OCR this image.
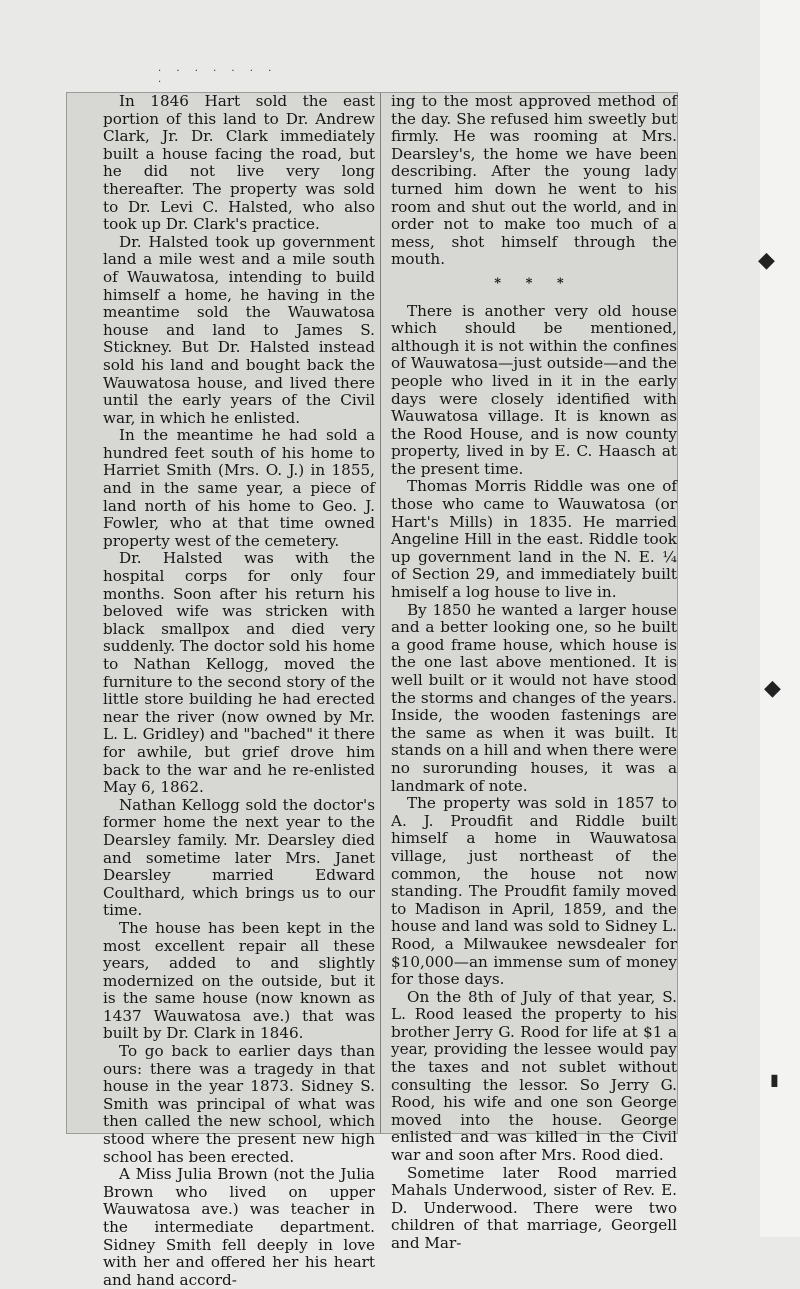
· · · · · · · ·

In 1846 Hart sold the east portion of this land to Dr. Andrew Clark, Jr. Dr. Clark immediately built a house facing the road, but he did not live very long thereafter. The property was sold to Dr. Levi C. Halsted, who also took up Dr. Clark's practice.

Dr. Halsted took up government land a mile west and a mile south of Wauwatosa, intending to build himself a home, he having in the meantime sold the Wauwatosa house and land to James S. Stickney. But Dr. Halsted instead sold his land and bought back the Wauwatosa house, and lived there until the early years of the Civil war, in which he enlisted.

In the meantime he had sold a hundred feet south of his home to Harriet Smith (Mrs. O. J.) in 1855, and in the same year, a piece of land north of his home to Geo. J. Fowler, who at that time owned property west of the cemetery.

Dr. Halsted was with the hospital corps for only four months. Soon after his return his beloved wife was stricken with black smallpox and died very suddenly. The doctor sold his home to Nathan Kellogg, moved the furniture to the second story of the little store building he had erected near the river (now owned by Mr. L. L. Gridley) and "bached" it there for awhile, but grief drove him back to the war and he re-enlisted May 6, 1862.

Nathan Kellogg sold the doctor's former home the next year to the Dearsley family. Mr. Dearsley died and sometime later Mrs. Janet Dearsley married Edward Coulthard, which brings us to our time.

The house has been kept in the most excellent repair all these years, added to and slightly modernized on the outside, but it is the same house (now known as 1437 Wauwatosa ave.) that was built by Dr. Clark in 1846.

To go back to earlier days than ours: there was a tragedy in that house in the year 1873. Sidney S. Smith was principal of what was then called the new school, which stood where the present new high school has been erected.

A Miss Julia Brown (not the Julia Brown who lived on upper Wauwatosa ave.) was teacher in the intermediate department. Sidney Smith fell deeply in love with her and offered her his heart and hand accord-

ing to the most approved method of the day. She refused him sweetly but firmly. He was rooming at Mrs. Dearsley's, the home we have been describing. After the young lady turned him down he went to his room and shut out the world, and in order not to make too much of a mess, shot himself through the mouth.

* * *

There is another very old house which should be mentioned, although it is not within the confines of Wauwatosa—just outside—and the people who lived in it in the early days were closely identified with Wauwatosa village. It is known as the Rood House, and is now county property, lived in by E. C. Haasch at the present time.

Thomas Morris Riddle was one of those who came to Wauwatosa (or Hart's Mills) in 1835. He married Angeline Hill in the east. Riddle took up government land in the N. E. ¼ of Section 29, and immediately built hmiself a log house to live in.

By 1850 he wanted a larger house and a better looking one, so he built a good frame house, which house is the one last above mentioned. It is well built or it would not have stood the storms and changes of the years. Inside, the wooden fastenings are the same as when it was built. It stands on a hill and when there were no surorunding houses, it was a landmark of note.

The property was sold in 1857 to A. J. Proudfit and Riddle built himself a home in Wauwatosa village, just northeast of the common, the house not now standing. The Proudfit family moved to Madison in April, 1859, and the house and land was sold to Sidney L. Rood, a Milwaukee newsdealer for $10,000—an immense sum of money for those days.

On the 8th of July of that year, S. L. Rood leased the property to his brother Jerry G. Rood for life at $1 a year, providing the lessee would pay the taxes and not sublet without consulting the lessor. So Jerry G. Rood, his wife and one son George moved into the house. George enlisted and was killed in the Civil war and soon after Mrs. Rood died.

Sometime later Rood married Mahals Underwood, sister of Rev. E. D. Underwood. There were two children of that marriage, Georgell and Mar-

◆
◆
▮
